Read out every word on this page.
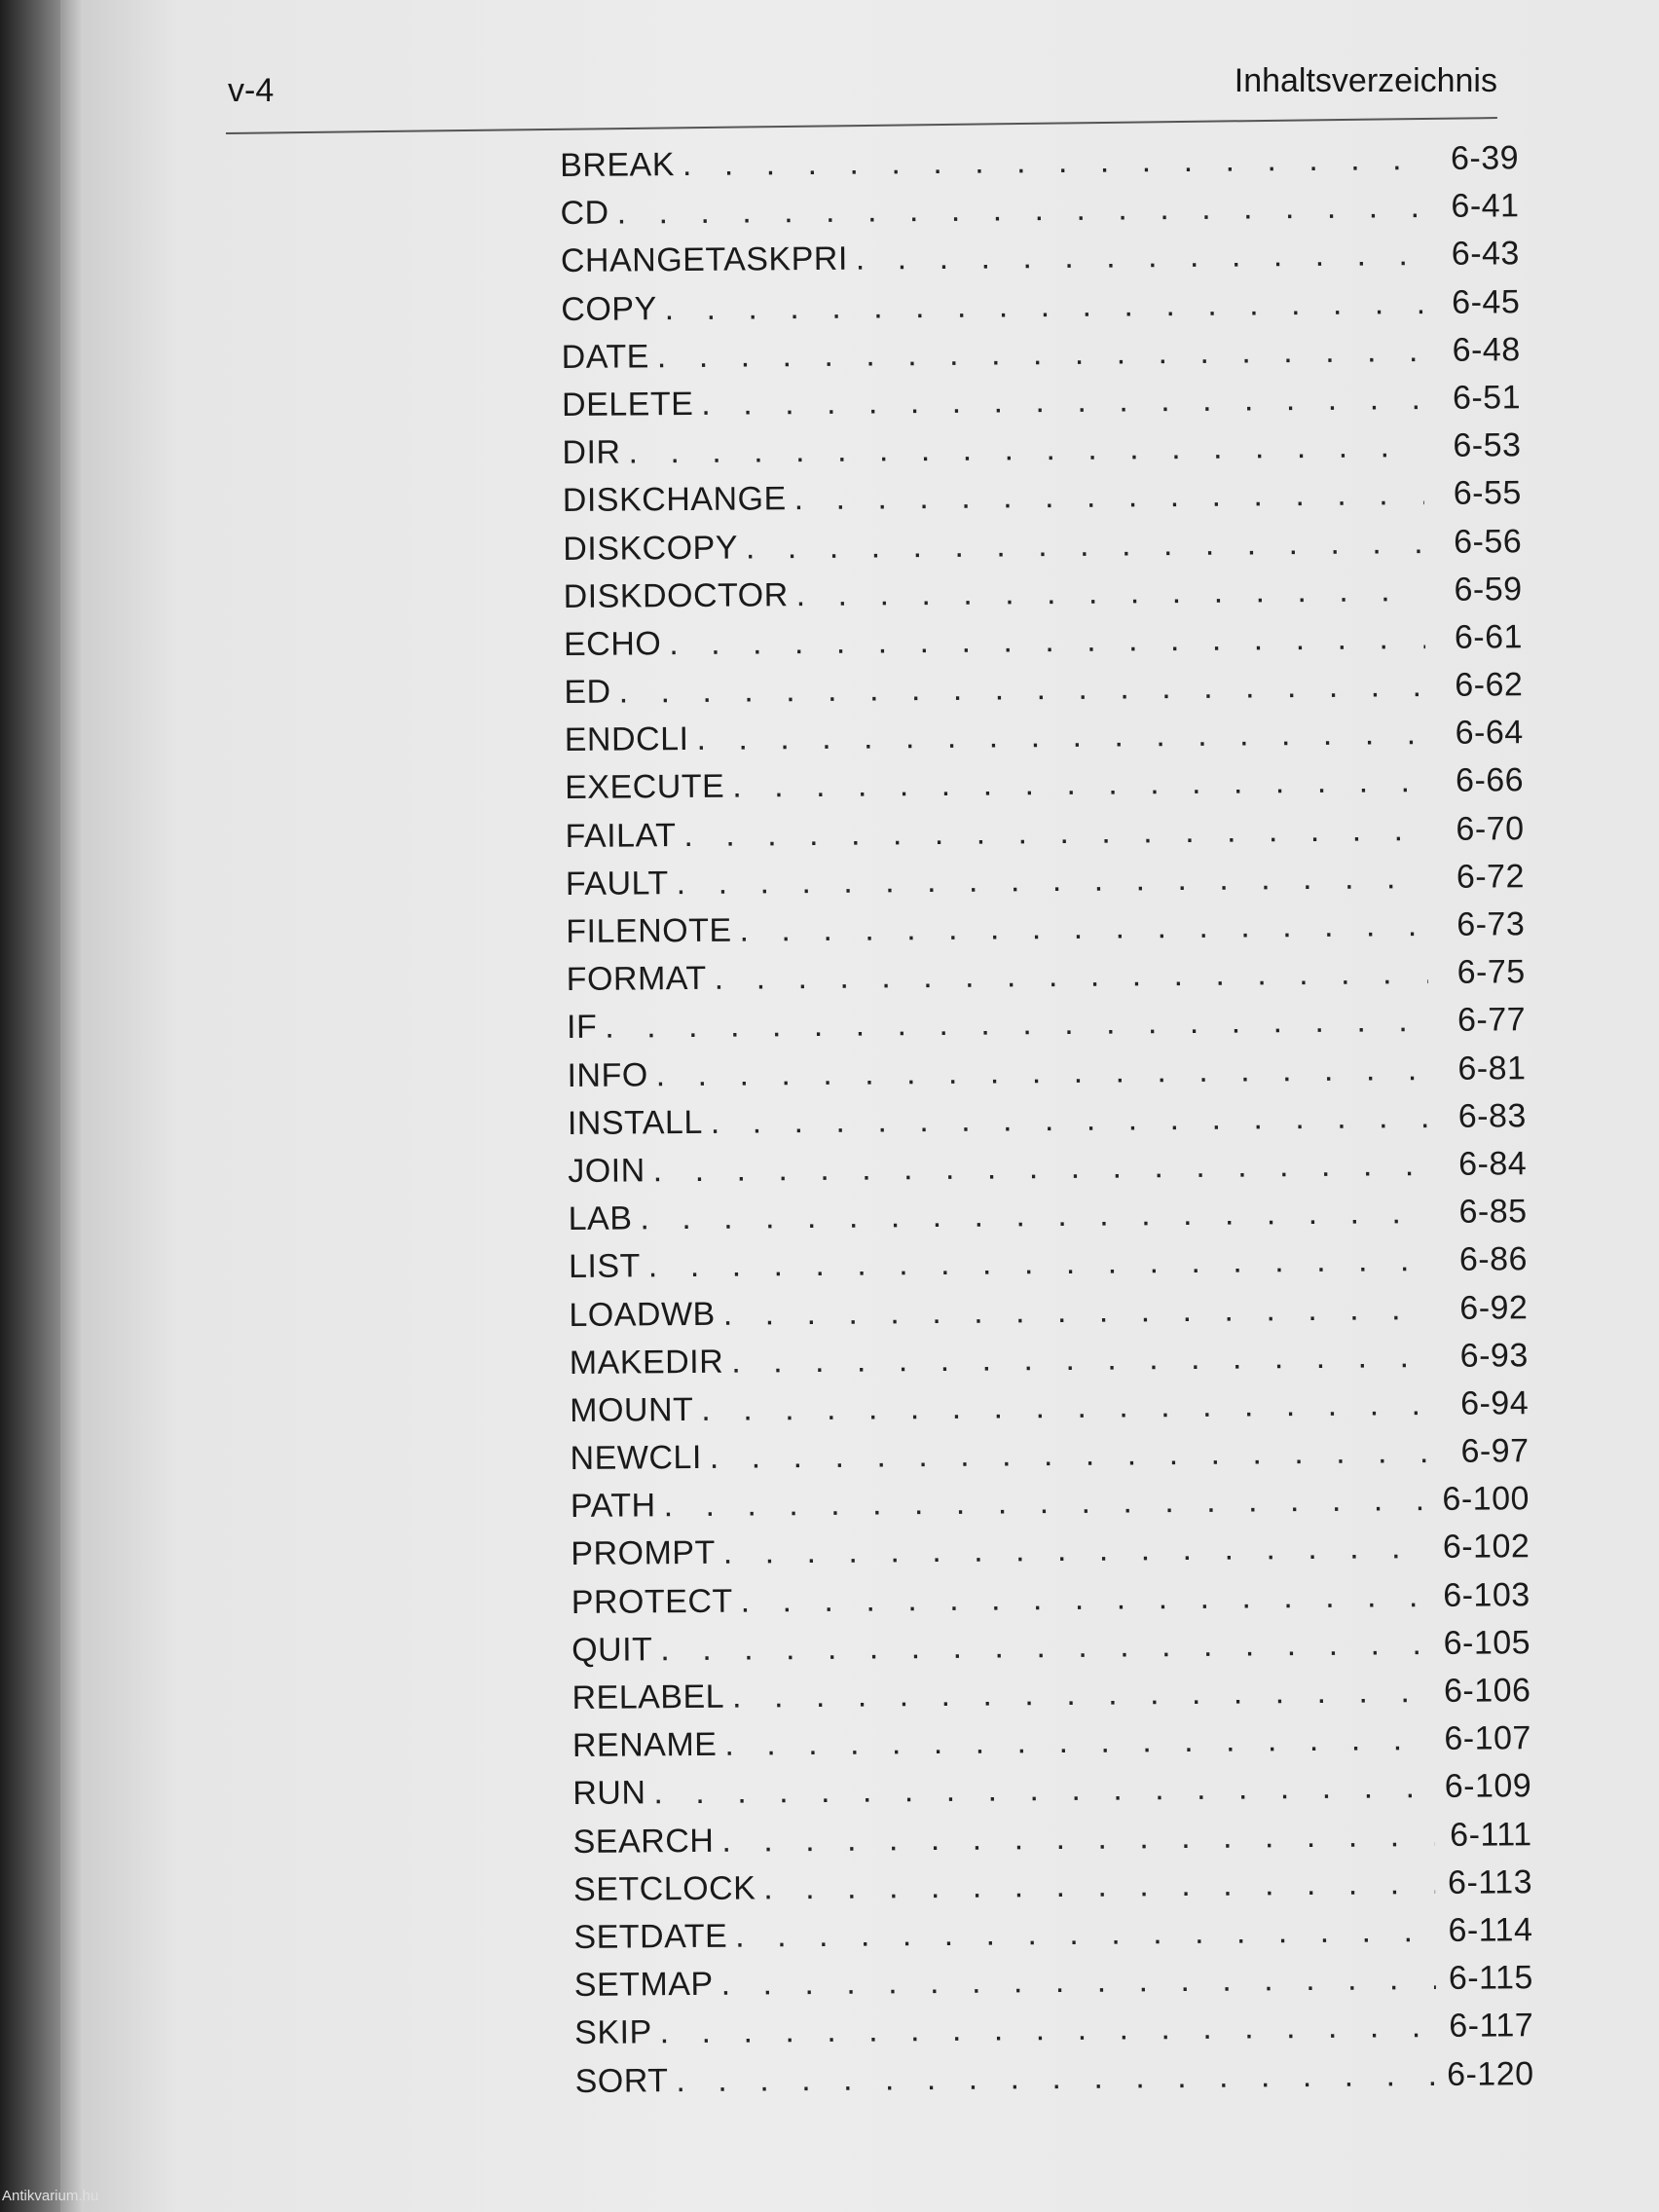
v-4	Inhaltsverzeichnis
BREAK . . .	6-39
CD . . .	6-41
CHANGETASKPRI . . .	6-43
COPY . . .	6-45
DATE . . .	6-48
DELETE . . .	6-51
DIR . . .	6-53
DISKCHANGE . . .	6-55
DISKCOPY . . .	6-56
DISKDOCTOR . . .	6-59
ECHO . . .	6-61
ED . . .	6-62
ENDCLI . . .	6-64
EXECUTE . . .	6-66
FAILAT . . .	6-70
FAULT . . .	6-72
FILENOTE . . .	6-73
FORMAT . . .	6-75
IF . . .	6-77
INFO . . .	6-81
INSTALL . . .	6-83
JOIN . . .	6-84
LAB . . .	6-85
LIST . . .	6-86
LOADWB . . .	6-92
MAKEDIR . . .	6-93
MOUNT . . .	6-94
NEWCLI . . .	6-97
PATH . . .	6-100
PROMPT . . .	6-102
PROTECT . . .	6-103
QUIT . . .	6-105
RELABEL . . .	6-106
RENAME . . .	6-107
RUN . . .	6-109
SEARCH . . .	6-111
SETCLOCK . . .	6-113
SETDATE . . .	6-114
SETMAP . . .	6-115
SKIP . . .	6-117
SORT . . .	6-120
Antikvarium.hu
